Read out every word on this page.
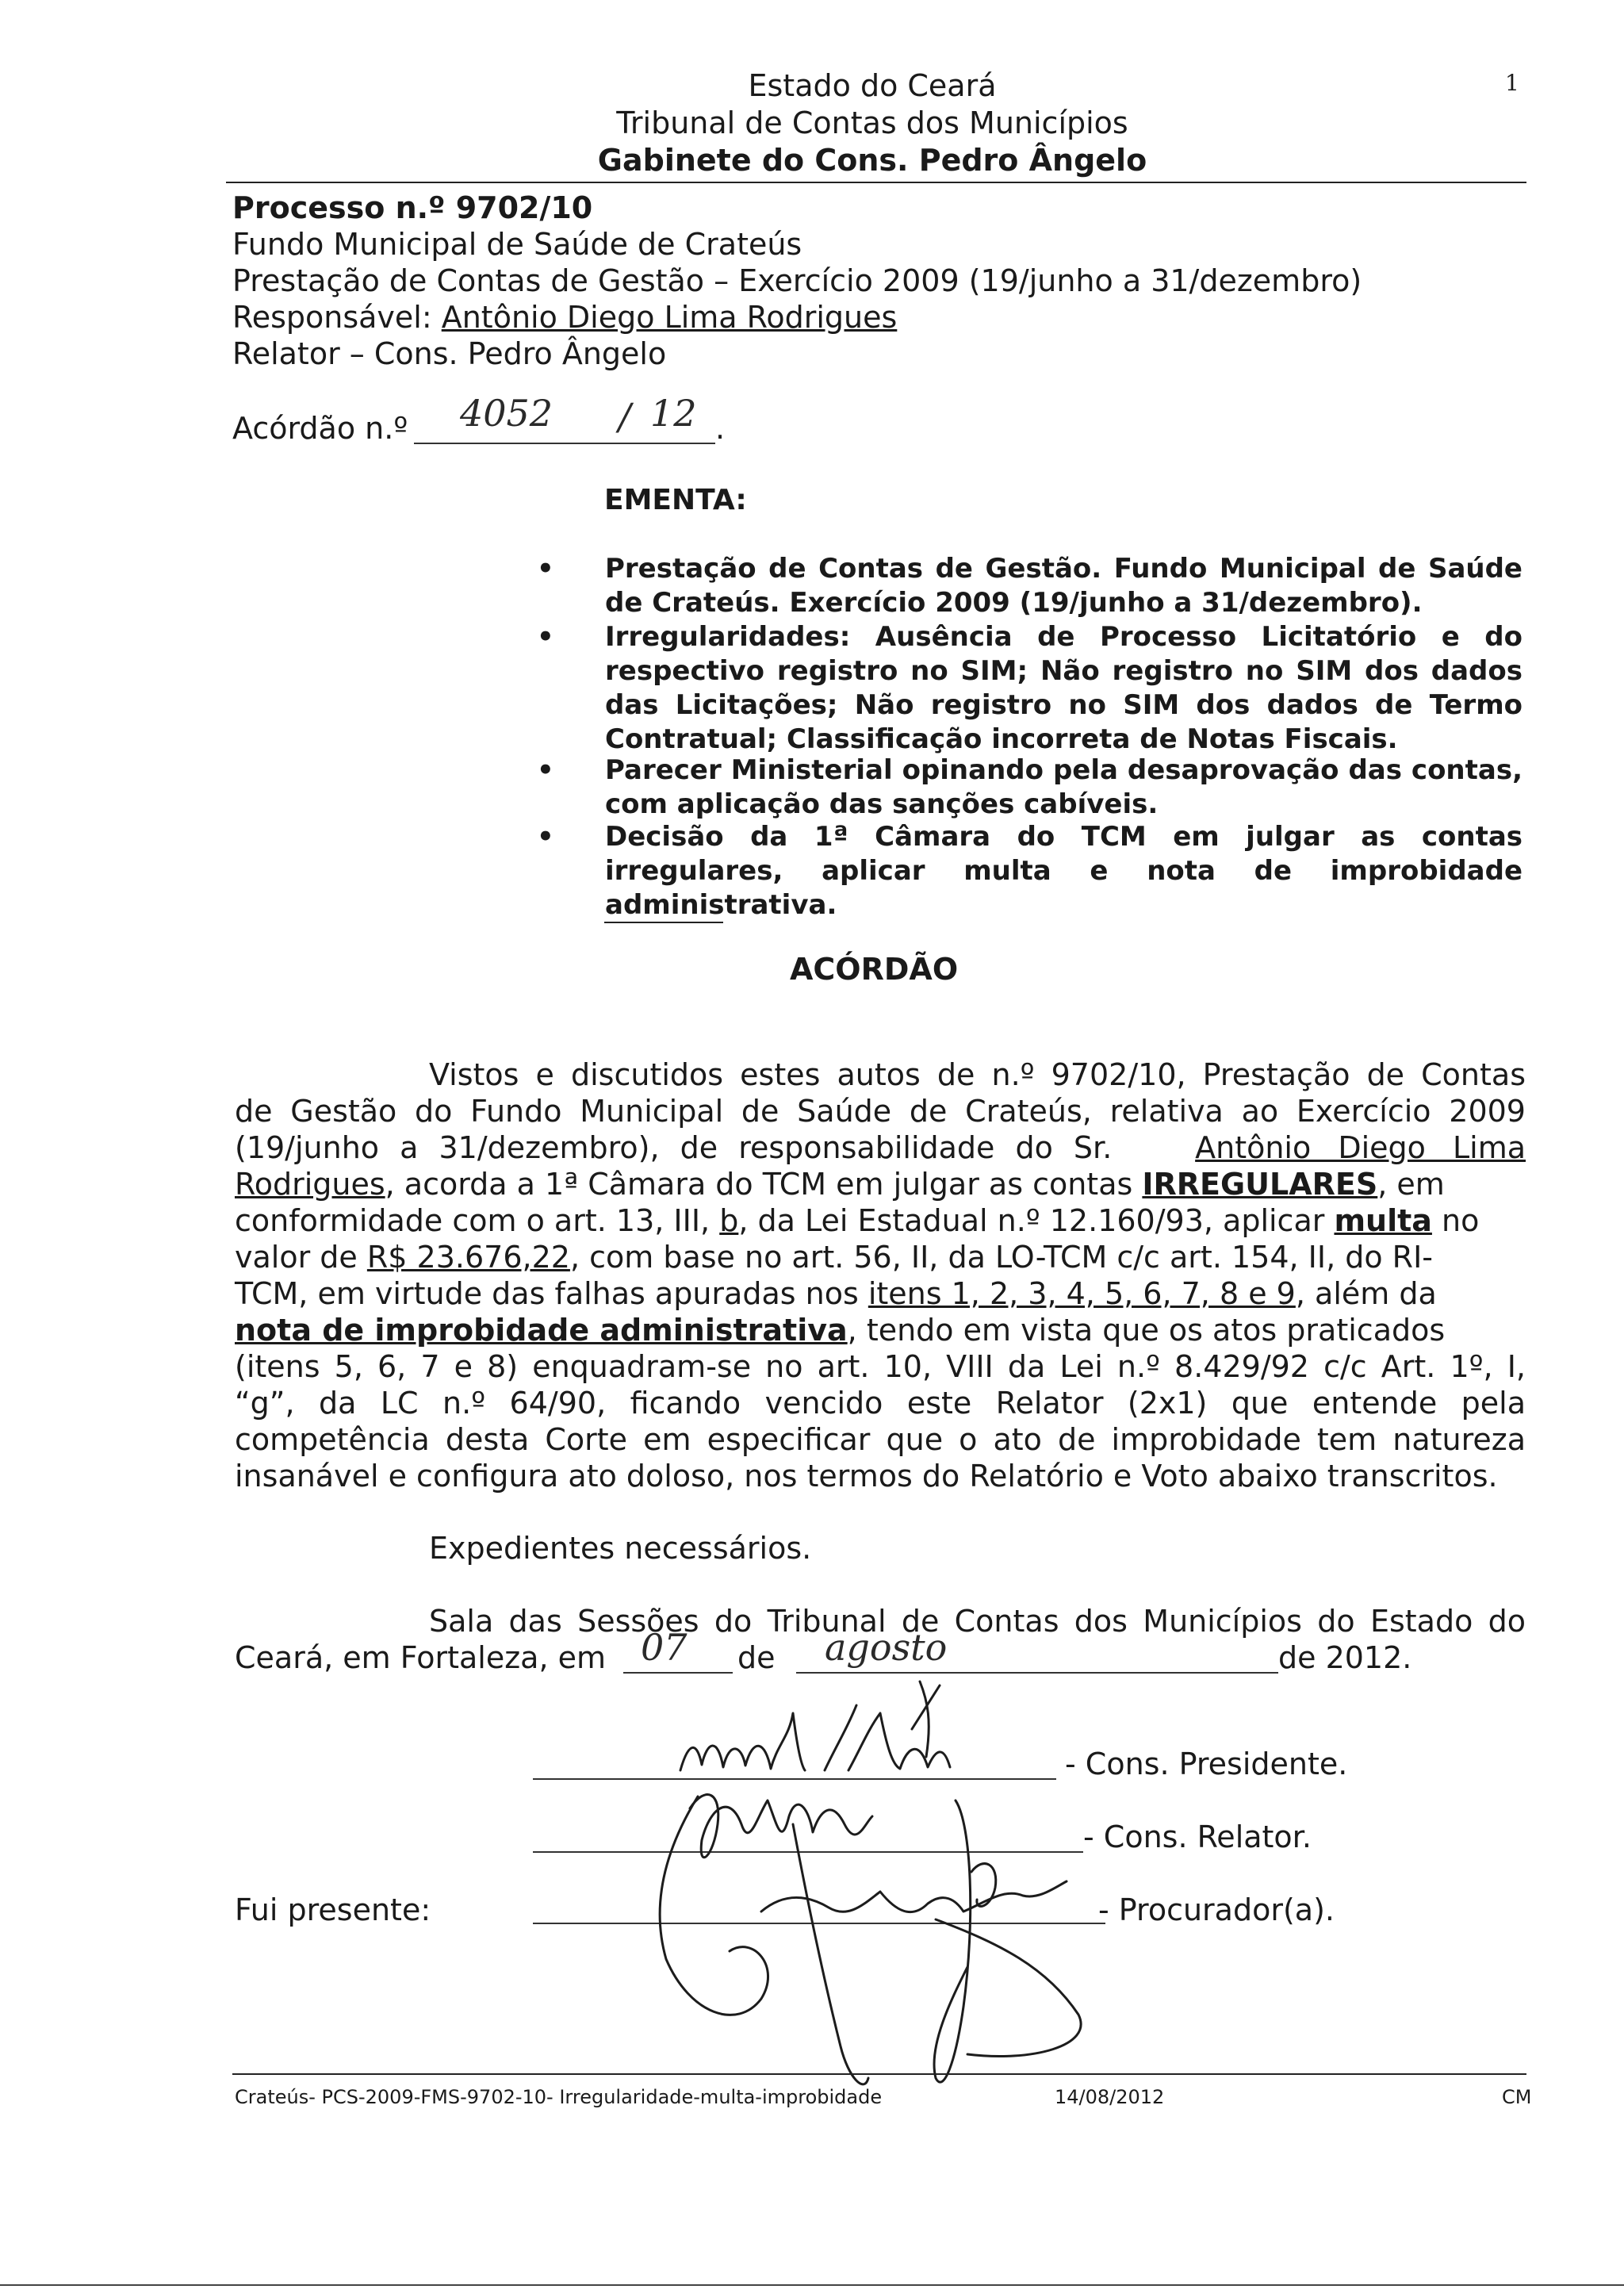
Estado do Ceará
Tribunal de Contas dos Municípios
Gabinete do Cons. Pedro Ângelo
1
Processo n.º 9702/10
Fundo Municipal de Saúde de Crateús
Prestação de Contas de Gestão – Exercício 2009 (19/junho a 31/dezembro)
Responsável: Antônio Diego Lima Rodrigues
Relator – Cons. Pedro Ângelo
Acórdão n.º 4052 / 12 .
EMENTA:
• Prestação de Contas de Gestão. Fundo Municipal de Saúde de Crateús. Exercício 2009 (19/junho a 31/dezembro).
• Irregularidades: Ausência de Processo Licitatório e do respectivo registro no SIM; Não registro no SIM dos dados das Licitações; Não registro no SIM dos dados de Termo Contratual; Classificação incorreta de Notas Fiscais.
• Parecer Ministerial opinando pela desaprovação das contas, com aplicação das sanções cabíveis.
• Decisão da 1ª Câmara do TCM em julgar as contas irregulares, aplicar multa e nota de improbidade administrativa.
ACÓRDÃO
Vistos e discutidos estes autos de n.º 9702/10, Prestação de Contas
de Gestão do Fundo Municipal de Saúde de Crateús, relativa ao Exercício 2009
(19/junho a 31/dezembro), de responsabilidade do Sr.	Antônio Diego Lima
Rodrigues, acorda a 1ª Câmara do TCM em julgar as contas IRREGULARES, em
conformidade com o art. 13, III, b, da Lei Estadual n.º 12.160/93, aplicar multa no
valor de R$ 23.676,22, com base no art. 56, II, da LO-TCM c/c art. 154, II, do RI-
TCM, em virtude das falhas apuradas nos itens 1, 2, 3, 4, 5, 6, 7, 8 e 9, além da
nota de improbidade administrativa, tendo em vista que os atos praticados
(itens 5, 6, 7 e 8) enquadram-se no art. 10, VIII da Lei n.º 8.429/92 c/c Art. 1º, I,
“g”, da LC n.º 64/90, ficando vencido este Relator (2x1) que entende pela
competência desta Corte em especificar que o ato de improbidade tem natureza
insanável e configura ato doloso, nos termos do Relatório e Voto abaixo transcritos.
Expedientes necessários.
Sala das Sessões do Tribunal de Contas dos Municípios do Estado do
Ceará, em Fortaleza, em 07 de agosto	de 2012.
- Cons. Presidente.
- Cons. Relator.
Fui presente:	- Procurador(a).
Crateús- PCS-2009-FMS-9702-10- Irregularidade-multa-improbidade	14/08/2012	CM
